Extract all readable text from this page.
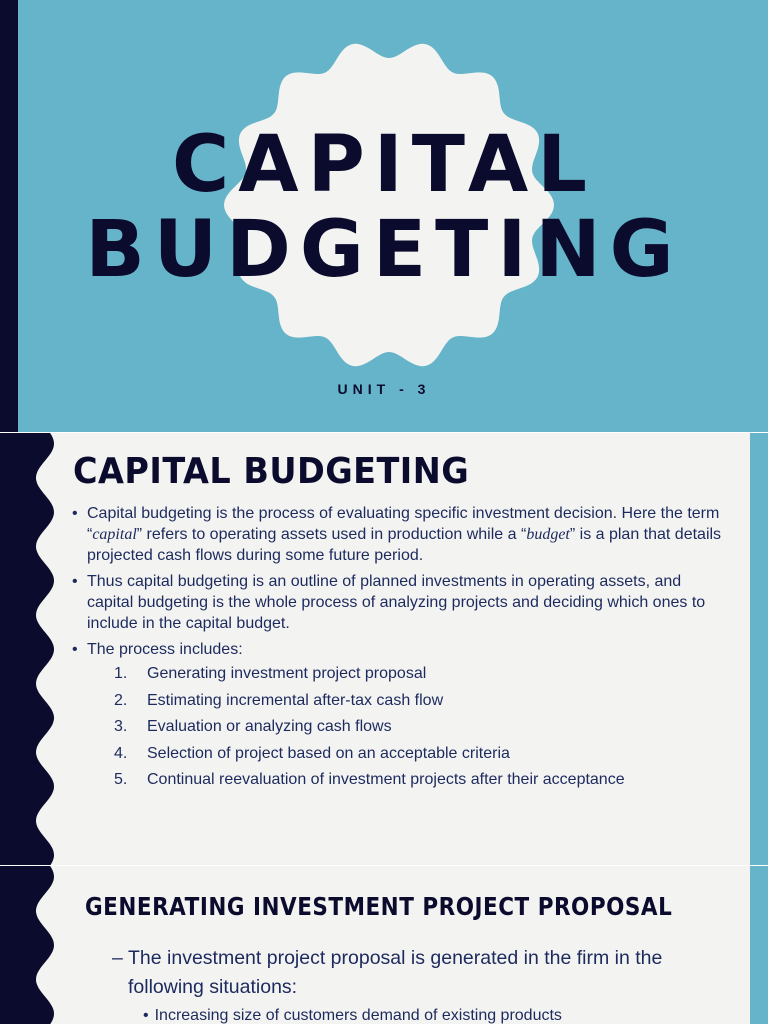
CAPITAL
BUDGETING
UNIT - 3
CAPITAL BUDGETING
• Capital budgeting is the process of evaluating specific investment decision. Here the term “capital” refers to operating assets used in production while a “budget” is a plan that details projected cash flows during some future period.
• Thus capital budgeting is an outline of planned investments in operating assets, and capital budgeting is the whole process of analyzing projects and deciding which ones to include in the capital budget.
• The process includes:
1. Generating investment project proposal
2. Estimating incremental after-tax cash flow
3. Evaluation or analyzing cash flows
4. Selection of project based on an acceptable criteria
5. Continual reevaluation of investment projects after their acceptance
GENERATING INVESTMENT PROJECT PROPOSAL
– The investment project proposal is generated in the firm in the following situations:
• Increasing size of customers demand of existing products
